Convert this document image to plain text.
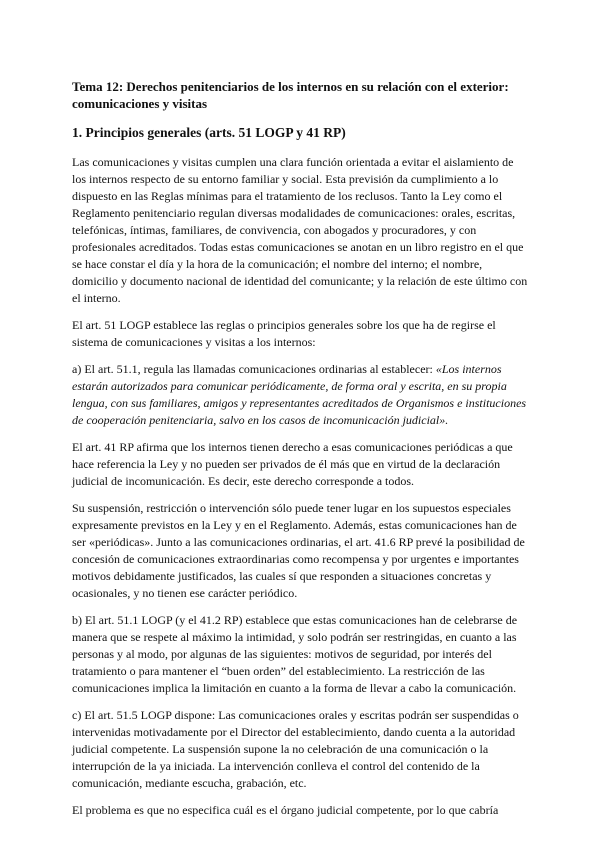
Tema 12: Derechos penitenciarios de los internos en su relación con el exterior: comunicaciones y visitas
1. Principios generales (arts. 51 LOGP y 41 RP)

Las comunicaciones y visitas cumplen una clara función orientada a evitar el aislamiento de los internos respecto de su entorno familiar y social. Esta previsión da cumplimiento a lo dispuesto en las Reglas mínimas para el tratamiento de los reclusos. Tanto la Ley como el Reglamento penitenciario regulan diversas modalidades de comunicaciones: orales, escritas, telefónicas, íntimas, familiares, de convivencia, con abogados y procuradores, y con profesionales acreditados. Todas estas comunicaciones se anotan en un libro registro en el que se hace constar el día y la hora de la comunicación; el nombre del interno; el nombre, domicilio y documento nacional de identidad del comunicante; y la relación de este último con el interno.

El art. 51 LOGP establece las reglas o principios generales sobre los que ha de regirse el sistema de comunicaciones y visitas a los internos:

a) El art. 51.1, regula las llamadas comunicaciones ordinarias al establecer: «Los internos estarán autorizados para comunicar periódicamente, de forma oral y escrita, en su propia lengua, con sus familiares, amigos y representantes acreditados de Organismos e instituciones de cooperación penitenciaria, salvo en los casos de incomunicación judicial».

El art. 41 RP afirma que los internos tienen derecho a esas comunicaciones periódicas a que hace referencia la Ley y no pueden ser privados de él más que en virtud de la declaración judicial de incomunicación. Es decir, este derecho corresponde a todos.

Su suspensión, restricción o intervención sólo puede tener lugar en los supuestos especiales expresamente previstos en la Ley y en el Reglamento. Además, estas comunicaciones han de ser «periódicas». Junto a las comunicaciones ordinarias, el art. 41.6 RP prevé la posibilidad de concesión de comunicaciones extraordinarias como recompensa y por urgentes e importantes motivos debidamente justificados, las cuales sí que responden a situaciones concretas y ocasionales, y no tienen ese carácter periódico.

b) El art. 51.1 LOGP (y el 41.2 RP) establece que estas comunicaciones han de celebrarse de manera que se respete al máximo la intimidad, y solo podrán ser restringidas, en cuanto a las personas y al modo, por algunas de las siguientes: motivos de seguridad, por interés del tratamiento o para mantener el “buen orden” del establecimiento. La restricción de las comunicaciones implica la limitación en cuanto a la forma de llevar a cabo la comunicación.

c) El art. 51.5 LOGP dispone: Las comunicaciones orales y escritas podrán ser suspendidas o intervenidas motivadamente por el Director del establecimiento, dando cuenta a la autoridad judicial competente. La suspensión supone la no celebración de una comunicación o la interrupción de la ya iniciada. La intervención conlleva el control del contenido de la comunicación, mediante escucha, grabación, etc.

El problema es que no especifica cuál es el órgano judicial competente, por lo que cabría
